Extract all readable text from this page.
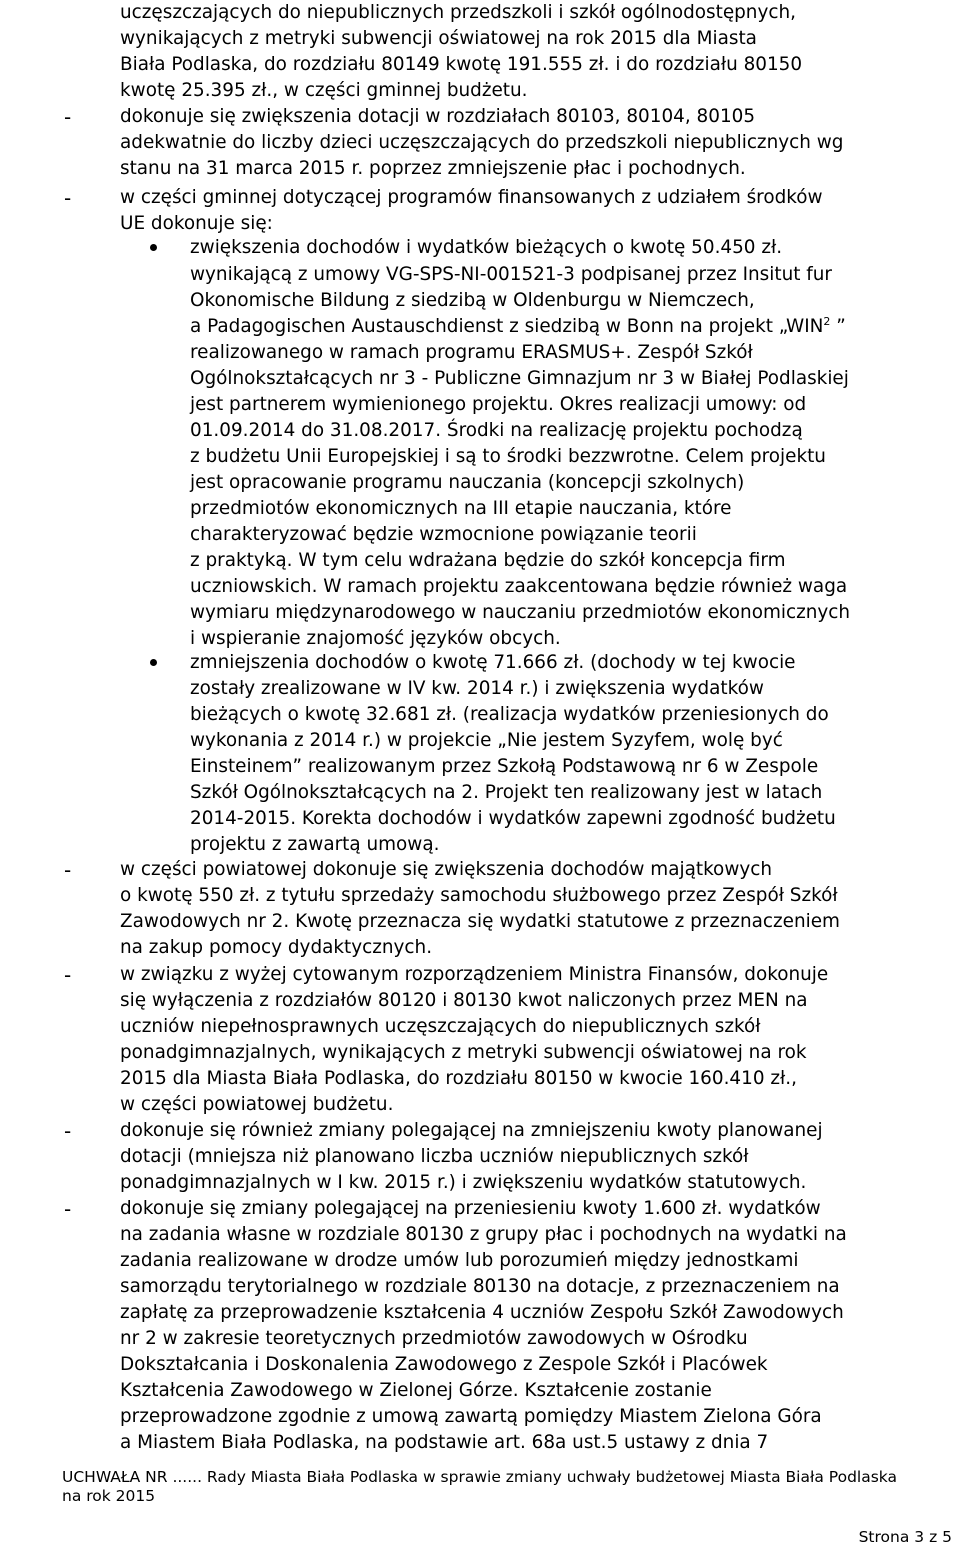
uczęszczających do niepublicznych przedszkoli i szkół ogólnodostępnych,
wynikających z metryki subwencji oświatowej na rok 2015 dla Miasta
Biała Podlaska, do rozdziału 80149 kwotę 191.555 zł. i do rozdziału 80150
kwotę 25.395 zł., w części gminnej budżetu.
-	dokonuje się zwiększenia dotacji w rozdziałach 80103, 80104, 80105
adekwatnie do liczby dzieci uczęszczających do przedszkoli niepublicznych wg
stanu na 31 marca 2015 r. poprzez zmniejszenie płac i pochodnych.
-	w części gminnej dotyczącej programów finansowanych z udziałem środków
UE dokonuje się:
zwiększenia dochodów i wydatków bieżących o kwotę 50.450 zł.
wynikającą z umowy VG-SPS-NI-001521-3 podpisanej przez Insitut fur
Okonomische Bildung z siedzibą w Oldenburgu w Niemczech,
a Padagogischen Austauschdienst z siedzibą w Bonn na projekt „WIN$^2$ ”
realizowanego w ramach programu ERASMUS+. Zespół Szkół
Ogólnokształcących nr 3 - Publiczne Gimnazjum nr 3 w Białej Podlaskiej
jest partnerem wymienionego projektu. Okres realizacji umowy: od
01.09.2014 do 31.08.2017. Środki na realizację projektu pochodzą
z budżetu Unii Europejskiej i są to środki bezzwrotne. Celem projektu
jest opracowanie programu nauczania (koncepcji szkolnych)
przedmiotów ekonomicznych na III etapie nauczania, które
charakteryzować będzie wzmocnione powiązanie teorii
z praktyką. W tym celu wdrażana będzie do szkół koncepcja firm
uczniowskich. W ramach projektu zaakcentowana będzie również waga
wymiaru międzynarodowego w nauczaniu przedmiotów ekonomicznych
i wspieranie znajomość języków obcych.
zmniejszenia dochodów o kwotę 71.666 zł. (dochody w tej kwocie
zostały zrealizowane w IV kw. 2014 r.) i zwiększenia wydatków
bieżących o kwotę 32.681 zł. (realizacja wydatków przeniesionych do
wykonania z 2014 r.) w projekcie „Nie jestem Syzyfem, wolę być
Einsteinem” realizowanym przez Szkołą Podstawową nr 6 w Zespole
Szkół Ogólnokształcących na 2. Projekt ten realizowany jest w latach
2014-2015. Korekta dochodów i wydatków zapewni zgodność budżetu
projektu z zawartą umową.
-	w części powiatowej dokonuje się zwiększenia dochodów majątkowych
o kwotę 550 zł. z tytułu sprzedaży samochodu służbowego przez Zespół Szkół
Zawodowych nr 2. Kwotę przeznacza się wydatki statutowe z przeznaczeniem
na zakup pomocy dydaktycznych.
-	w związku z wyżej cytowanym rozporządzeniem Ministra Finansów, dokonuje
się wyłączenia z rozdziałów 80120 i 80130 kwot naliczonych przez MEN na
uczniów niepełnosprawnych uczęszczających do niepublicznych szkół
ponadgimnazjalnych, wynikających z metryki subwencji oświatowej na rok
2015 dla Miasta Biała Podlaska, do rozdziału 80150 w kwocie 160.410 zł.,
w części powiatowej budżetu.
-	dokonuje się również zmiany polegającej na zmniejszeniu kwoty planowanej
dotacji (mniejsza niż planowano liczba uczniów niepublicznych szkół
ponadgimnazjalnych w I kw. 2015 r.) i zwiększeniu wydatków statutowych.
-	dokonuje się zmiany polegającej na przeniesieniu kwoty 1.600 zł. wydatków
na zadania własne w rozdziale 80130 z grupy płac i pochodnych na wydatki na
zadania realizowane w drodze umów lub porozumień między jednostkami
samorządu terytorialnego w rozdziale 80130 na dotacje, z przeznaczeniem na
zapłatę za przeprowadzenie kształcenia 4 uczniów Zespołu Szkół Zawodowych
nr 2 w zakresie teoretycznych przedmiotów zawodowych w Ośrodku
Dokształcania i Doskonalenia Zawodowego z Zespole Szkół i Placówek
Kształcenia Zawodowego w Zielonej Górze. Kształcenie zostanie
przeprowadzone zgodnie z umową zawartą pomiędzy Miastem Zielona Góra
a Miastem Biała Podlaska, na podstawie art. 68a ust.5 ustawy z dnia 7
UCHWAŁA NR ...... Rady Miasta Biała Podlaska w sprawie zmiany uchwały budżetowej Miasta Biała Podlaska
na rok 2015
Strona 3 z 5
